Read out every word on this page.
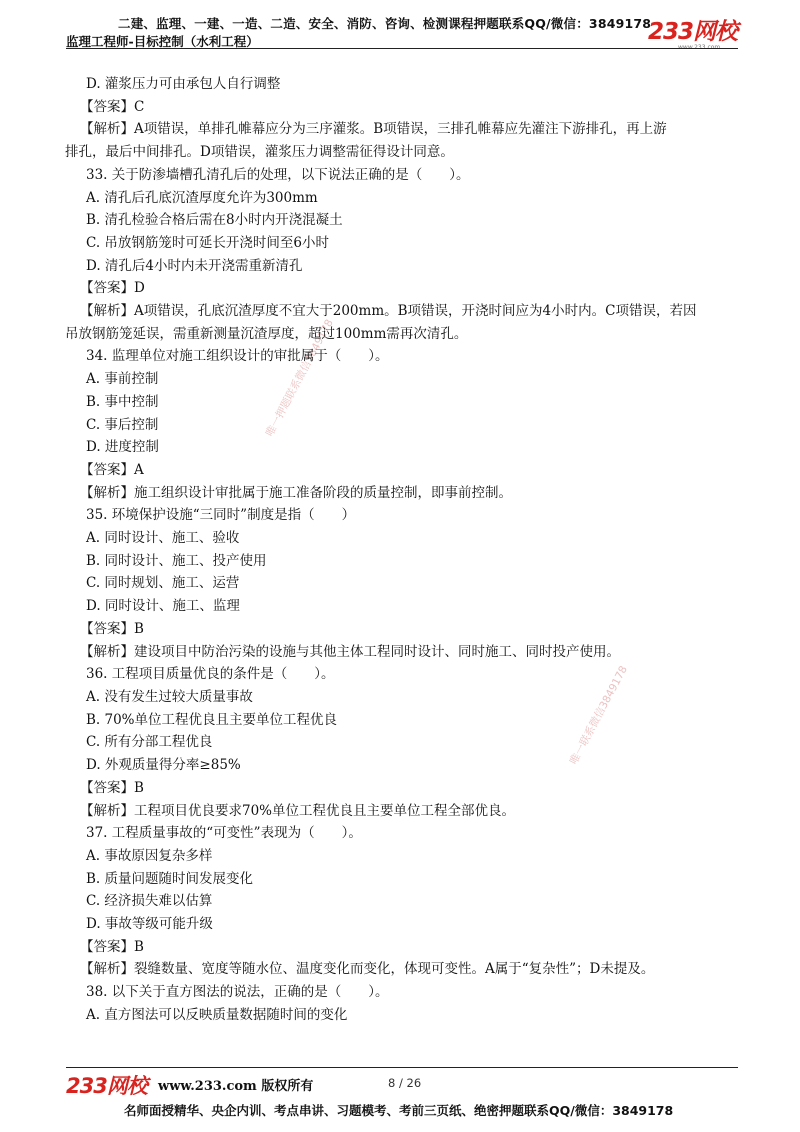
二建、监理、一建、一造、二造、安全、消防、咨询、检测课程押题联系QQ/微信：3849178
监理工程师-目标控制（水利工程）	233网校
www.233.com
唯一押题联系微信3849178
唯一联系微信3849178
D. 灌浆压力可由承包人自行调整
【答案】C
【解析】A项错误，单排孔帷幕应分为三序灌浆。B项错误，三排孔帷幕应先灌注下游排孔，再上游
排孔，最后中间排孔。D项错误，灌浆压力调整需征得设计同意。
33. 关于防渗墙槽孔清孔后的处理，以下说法正确的是（　　）。
A. 清孔后孔底沉渣厚度允许为300mm
B. 清孔检验合格后需在8小时内开浇混凝土
C. 吊放钢筋笼时可延长开浇时间至6小时
D. 清孔后4小时内未开浇需重新清孔
【答案】D
【解析】A项错误，孔底沉渣厚度不宜大于200mm。B项错误，开浇时间应为4小时内。C项错误，若因
吊放钢筋笼延误，需重新测量沉渣厚度，超过100mm需再次清孔。
34. 监理单位对施工组织设计的审批属于（　　）。
A. 事前控制
B. 事中控制
C. 事后控制
D. 进度控制
【答案】A
【解析】施工组织设计审批属于施工准备阶段的质量控制，即事前控制。
35. 环境保护设施“三同时”制度是指（　　）
A. 同时设计、施工、验收
B. 同时设计、施工、投产使用
C. 同时规划、施工、运营
D. 同时设计、施工、监理
【答案】B
【解析】建设项目中防治污染的设施与其他主体工程同时设计、同时施工、同时投产使用。
36. 工程项目质量优良的条件是（　　）。
A. 没有发生过较大质量事故
B. 70%单位工程优良且主要单位工程优良
C. 所有分部工程优良
D. 外观质量得分率≥85%
【答案】B
【解析】工程项目优良要求70%单位工程优良且主要单位工程全部优良。
37. 工程质量事故的“可变性”表现为（　　）。
A. 事故原因复杂多样
B. 质量问题随时间发展变化
C. 经济损失难以估算
D. 事故等级可能升级
【答案】B
【解析】裂缝数量、宽度等随水位、温度变化而变化，体现可变性。A属于“复杂性”；D未提及。
38. 以下关于直方图法的说法，正确的是（　　）。
A. 直方图法可以反映质量数据随时间的变化
233网校 www.233.com 版权所有	8 / 26
名师面授精华、央企内训、考点串讲、习题模考、考前三页纸、绝密押题联系QQ/微信：3849178
